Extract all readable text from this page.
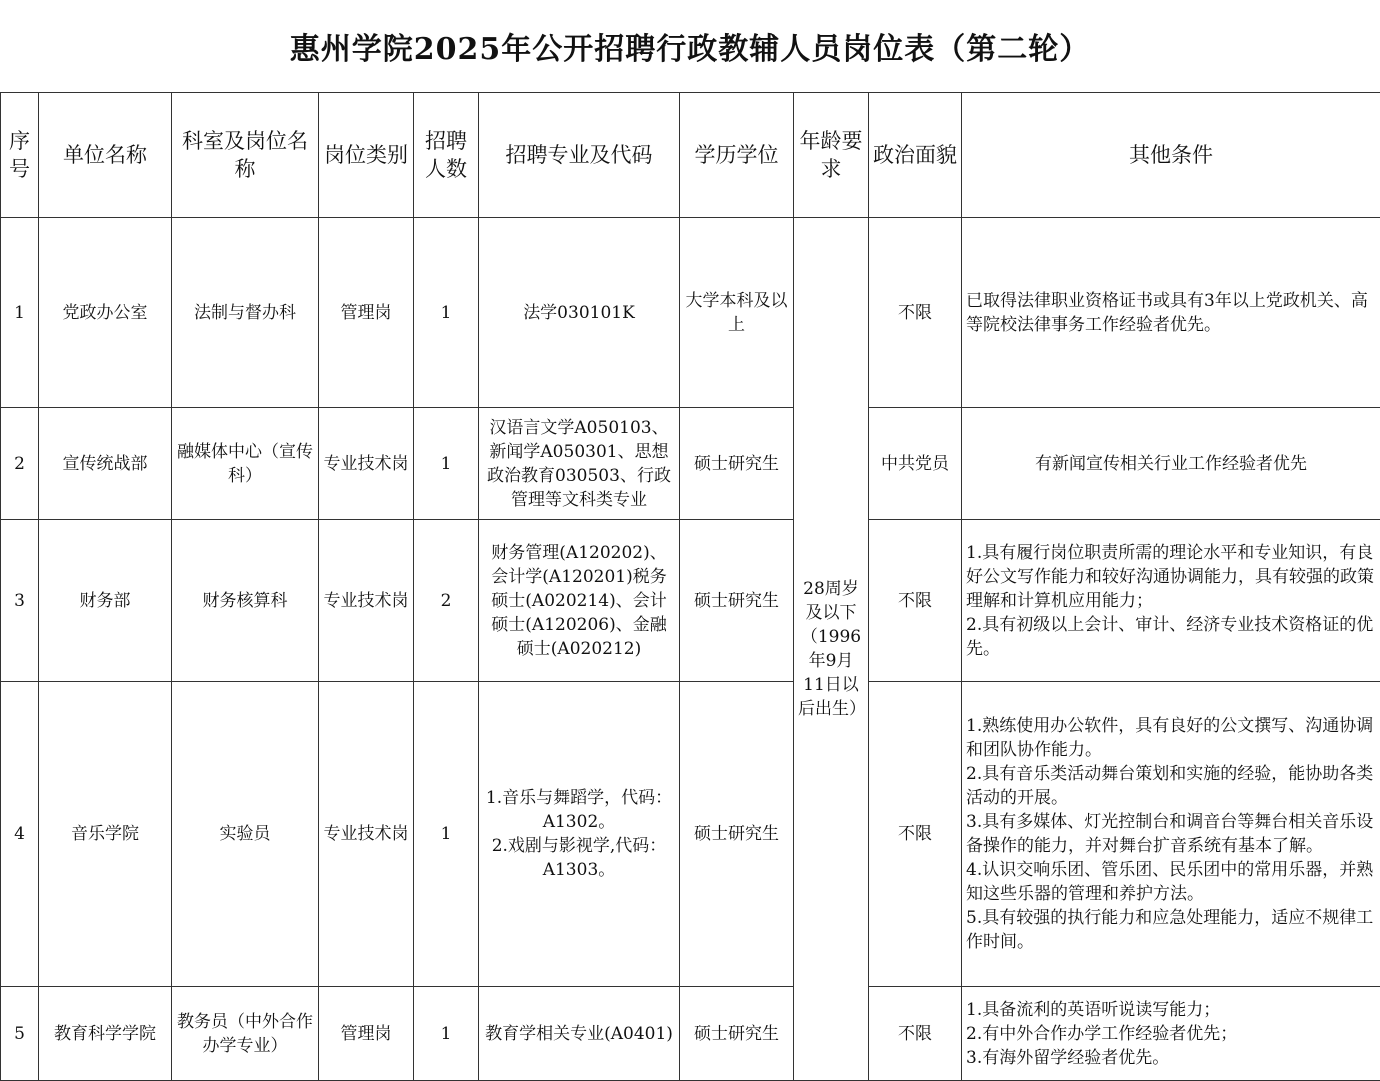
惠州学院2025年公开招聘行政教辅人员岗位表（第二轮）
序号	单位名称	科室及岗位名称	岗位类别	招聘人数	招聘专业及代码	学历学位	年龄要求	政治面貌	其他条件
1	党政办公室	法制与督办科	管理岗	1	法学030101K	大学本科及以上	28周岁及以下（1996年9月11日以后出生）	不限	已取得法律职业资格证书或具有3年以上党政机关、高等院校法律事务工作经验者优先。

2	宣传统战部	融媒体中心（宣传科）	专业技术岗	1	汉语言文学A050103、新闻学A050301、思想政治教育030503、行政管理等文科类专业	硕士研究生		中共党员	有新闻宣传相关行业工作经验者优先

3	财务部	财务核算科	专业技术岗	2	财务管理(A120202)、会计学(A120201)税务硕士(A020214)、会计硕士(A120206)、金融硕士(A020212)	硕士研究生		不限	1.具有履行岗位职责所需的理论水平和专业知识，有良好公文写作能力和较好沟通协调能力，具有较强的政策理解和计算机应用能力；
2.具有初级以上会计、审计、经济专业技术资格证的优先。

4	音乐学院	实验员	专业技术岗	1	1.音乐与舞蹈学，代码：A1302。
2.戏剧与影视学,代码：A1303。	硕士研究生		不限	1.熟练使用办公软件，具有良好的公文撰写、沟通协调和团队协作能力。
2.具有音乐类活动舞台策划和实施的经验，能协助各类活动的开展。
3.具有多媒体、灯光控制台和调音台等舞台相关音乐设备操作的能力，并对舞台扩音系统有基本了解。
4.认识交响乐团、管乐团、民乐团中的常用乐器，并熟知这些乐器的管理和养护方法。
5.具有较强的执行能力和应急处理能力，适应不规律工作时间。

5	教育科学学院	教务员（中外合作办学专业）	管理岗	1	教育学相关专业(A0401)	硕士研究生		不限	1.具备流利的英语听说读写能力；
2.有中外合作办学工作经验者优先；
3.有海外留学经验者优先。
